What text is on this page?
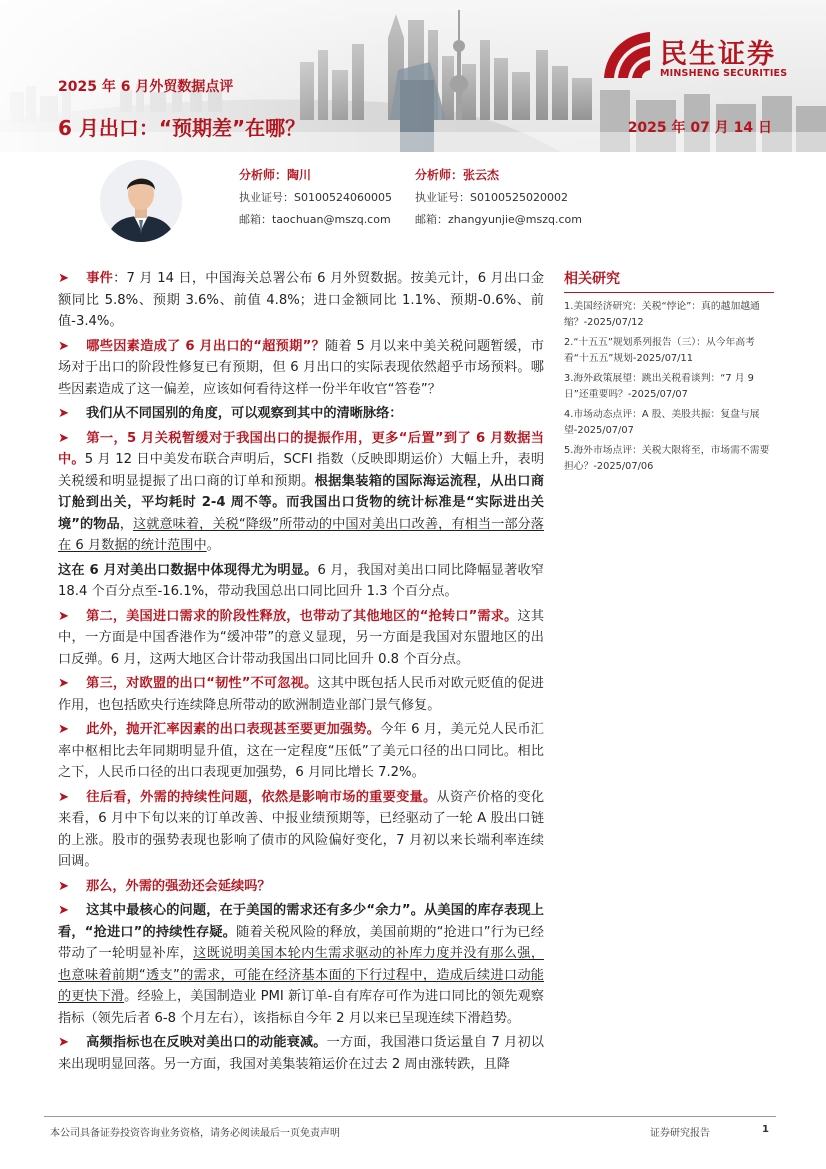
2025 年 6 月外贸数据点评
6 月出口：“预期差”在哪？	2025 年 07 月 14 日
民生证券
MINSHENG SECURITIES
分析师：陶川
执业证号：S0100524060005
邮箱：taochuan@mszq.com
分析师：张云杰
执业证号：S0100525020002
邮箱：zhangyunjie@mszq.com
➤ 事件：7 月 14 日，中国海关总署公布 6 月外贸数据。按美元计，6 月出口金额同比 5.8%、预期 3.6%、前值 4.8%；进口金额同比 1.1%、预期-0.6%、前值-3.4%。
➤ 哪些因素造成了 6 月出口的“超预期”？随着 5 月以来中美关税问题暂缓，市场对于出口的阶段性修复已有预期，但 6 月出口的实际表现依然超乎市场预料。哪些因素造成了这一偏差，应该如何看待这样一份半年收官“答卷”？
➤ 我们从不同国别的角度，可以观察到其中的清晰脉络：
➤ 第一，5 月关税暂缓对于我国出口的提振作用，更多“后置”到了 6 月数据当中。5 月 12 日中美发布联合声明后，SCFI 指数（反映即期运价）大幅上升，表明关税缓和明显提振了出口商的订单和预期。根据集装箱的国际海运流程，从出口商订舱到出关，平均耗时 2-4 周不等。而我国出口货物的统计标准是“实际进出关境”的物品，这就意味着，关税“降级”所带动的中国对美出口改善，有相当一部分落在 6 月数据的统计范围中。
这在 6 月对美出口数据中体现得尤为明显。6 月，我国对美出口同比降幅显著收窄 18.4 个百分点至-16.1%，带动我国总出口同比回升 1.3 个百分点。
➤ 第二，美国进口需求的阶段性释放，也带动了其他地区的“抢转口”需求。这其中，一方面是中国香港作为“缓冲带”的意义显现，另一方面是我国对东盟地区的出口反弹。6 月，这两大地区合计带动我国出口同比回升 0.8 个百分点。
➤ 第三，对欧盟的出口“韧性”不可忽视。这其中既包括人民币对欧元贬值的促进作用，也包括欧央行连续降息所带动的欧洲制造业部门景气修复。
➤ 此外，抛开汇率因素的出口表现甚至要更加强势。今年 6 月，美元兑人民币汇率中枢相比去年同期明显升值，这在一定程度“压低”了美元口径的出口同比。相比之下，人民币口径的出口表现更加强势，6 月同比增长 7.2%。
➤ 往后看，外需的持续性问题，依然是影响市场的重要变量。从资产价格的变化来看，6 月中下旬以来的订单改善、中报业绩预期等，已经驱动了一轮 A 股出口链的上涨。股市的强势表现也影响了债市的风险偏好变化，7 月初以来长端利率连续回调。
➤ 那么，外需的强劲还会延续吗？
➤ 这其中最核心的问题，在于美国的需求还有多少“余力”。从美国的库存表现上看，“抢进口”的持续性存疑。随着关税风险的释放，美国前期的“抢进口”行为已经带动了一轮明显补库，这既说明美国本轮内生需求驱动的补库力度并没有那么强，也意味着前期“透支”的需求，可能在经济基本面的下行过程中，造成后续进口动能的更快下滑。经验上，美国制造业 PMI 新订单-自有库存可作为进口同比的领先观察指标（领先后者 6-8 个月左右），该指标自今年 2 月以来已呈现连续下滑趋势。
➤ 高频指标也在反映对美出口的动能衰减。一方面，我国港口货运量自 7 月初以来出现明显回落。另一方面，我国对美集装箱运价在过去 2 周由涨转跌，且降
相关研究
1.美国经济研究：关税“悖论”：真的越加越通缩？-2025/07/12
2.“十五五”规划系列报告（三）：从今年高考看“十五五”规划-2025/07/11
3.海外政策展望：跳出关税看谈判：“7 月 9 日”还重要吗？-2025/07/07
4.市场动态点评：A 股、美股共振：复盘与展望-2025/07/07
5.海外市场点评：关税大限将至，市场需不需要担心？-2025/07/06
本公司具备证券投资咨询业务资格，请务必阅读最后一页免责声明	证券研究报告	1
